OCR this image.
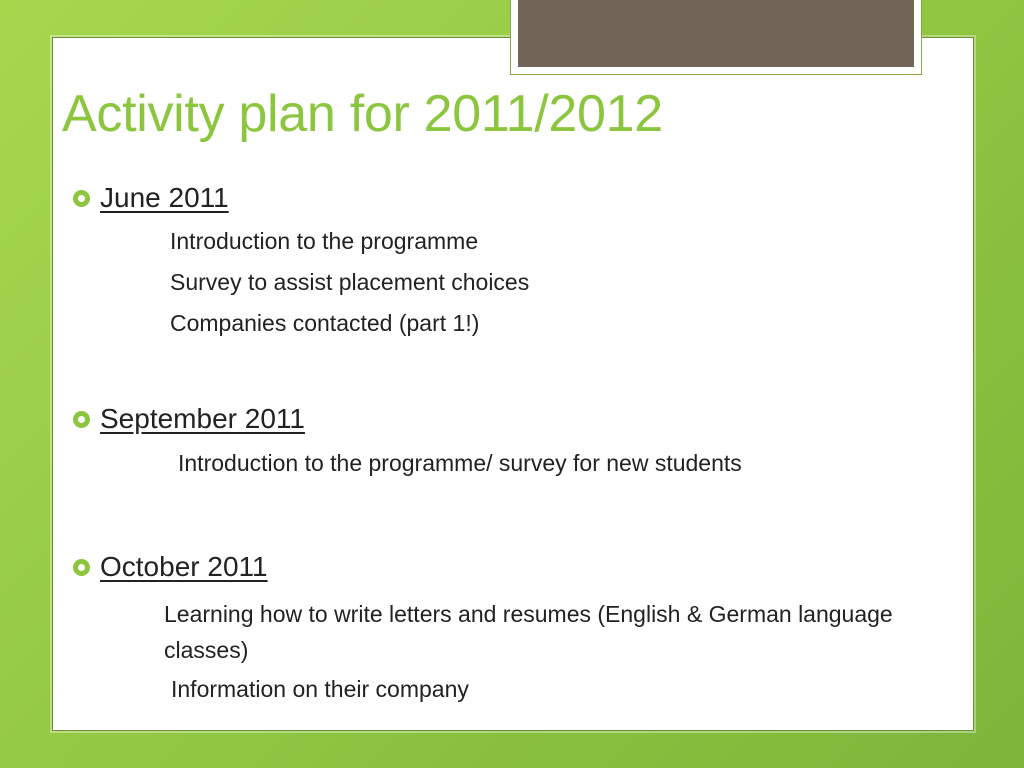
Activity plan for 2011/2012
June 2011
Introduction to the programme
Survey to assist placement choices
Companies contacted (part 1!)
September 2011
Introduction to the programme/ survey for new students
October 2011
Learning how to write letters and resumes (English & German language classes)
Information on their company
